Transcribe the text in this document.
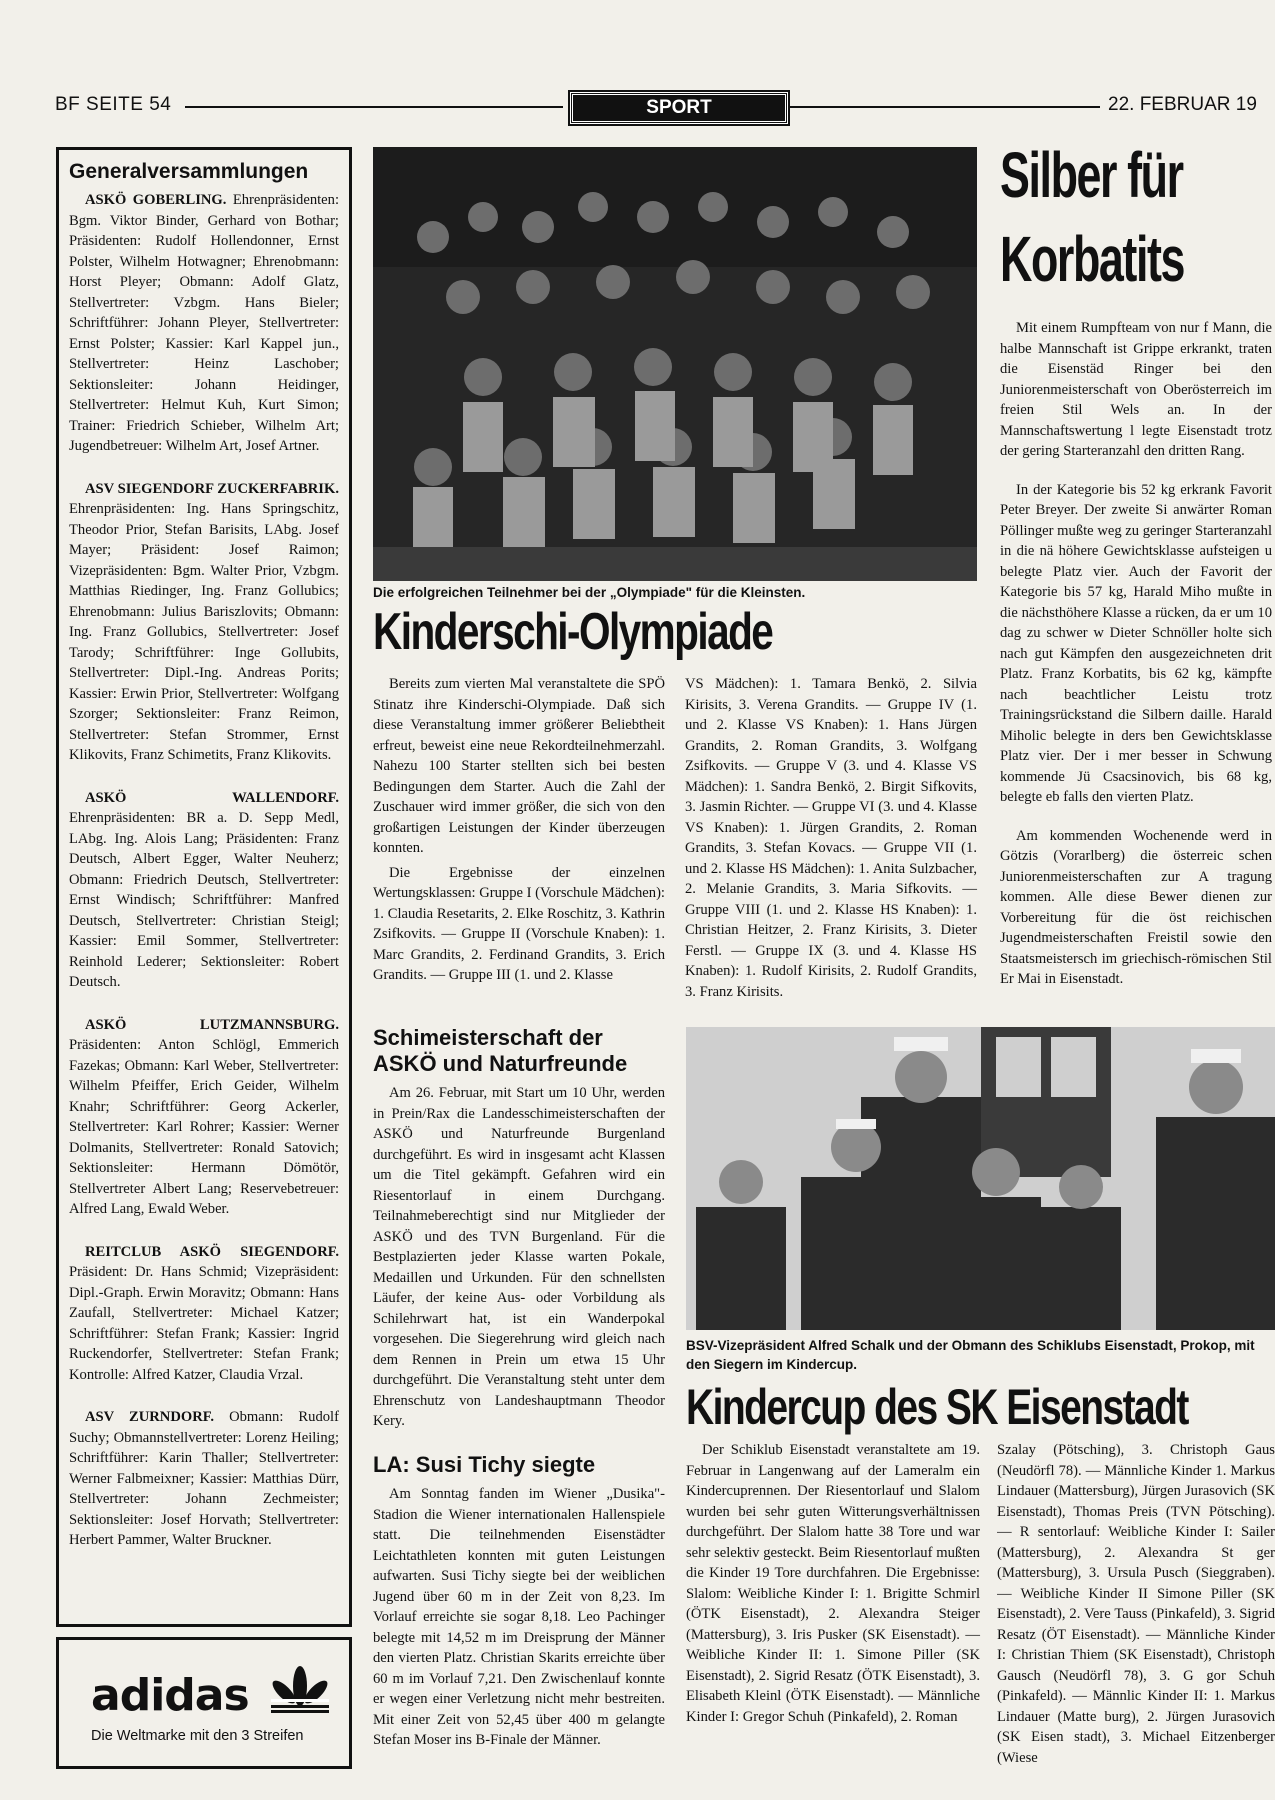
BF SEITE 54	SPORT	22. FEBRUAR 19
Generalversammlungen

ASKÖ GOBERLING. Ehrenpräsidenten: Bgm. Viktor Binder, Gerhard von Bothar; Präsidenten: Rudolf Hollendonner, Ernst Polster, Wilhelm Hotwagner; Ehrenobmann: Horst Pleyer; Obmann: Adolf Glatz, Stellvertreter: Vzbgm. Hans Bieler; Schriftführer: Johann Pleyer, Stellvertreter: Ernst Polster; Kassier: Karl Kappel jun., Stellvertreter: Heinz Laschober; Sektionsleiter: Johann Heidinger, Stellvertreter: Helmut Kuh, Kurt Simon; Trainer: Friedrich Schieber, Wilhelm Art; Jugendbetreuer: Wilhelm Art, Josef Artner.

ASV SIEGENDORF ZUCKERFABRIK. Ehrenpräsidenten: Ing. Hans Springschitz, Theodor Prior, Stefan Barisits, LAbg. Josef Mayer; Präsident: Josef Raimon; Vizepräsidenten: Bgm. Walter Prior, Vzbgm. Matthias Riedinger, Ing. Franz Gollubics; Ehrenobmann: Julius Bariszlovits; Obmann: Ing. Franz Gollubics, Stellvertreter: Josef Tarody; Schriftführer: Inge Gollubits, Stellvertreter: Dipl.-Ing. Andreas Porits; Kassier: Erwin Prior, Stellvertreter: Wolfgang Szorger; Sektionsleiter: Franz Reimon, Stellvertreter: Stefan Strommer, Ernst Klikovits, Franz Schimetits, Franz Klikovits.

ASKÖ WALLENDORF. Ehrenpräsidenten: BR a. D. Sepp Medl, LAbg. Ing. Alois Lang; Präsidenten: Franz Deutsch, Albert Egger, Walter Neuherz; Obmann: Friedrich Deutsch, Stellvertreter: Ernst Windisch; Schriftführer: Manfred Deutsch, Stellvertreter: Christian Steigl; Kassier: Emil Sommer, Stellvertreter: Reinhold Lederer; Sektionsleiter: Robert Deutsch.

ASKÖ LUTZMANNSBURG. Präsidenten: Anton Schlögl, Emmerich Fazekas; Obmann: Karl Weber, Stellvertreter: Wilhelm Pfeiffer, Erich Geider, Wilhelm Knahr; Schriftführer: Georg Ackerler, Stellvertreter: Karl Rohrer; Kassier: Werner Dolmanits, Stellvertreter: Ronald Satovich; Sektionsleiter: Hermann Dömötör, Stellvertreter Albert Lang; Reservebetreuer: Alfred Lang, Ewald Weber.

REITCLUB ASKÖ SIEGENDORF. Präsident: Dr. Hans Schmid; Vizepräsident: Dipl.-Graph. Erwin Moravitz; Obmann: Hans Zaufall, Stellvertreter: Michael Katzer; Schriftführer: Stefan Frank; Kassier: Ingrid Ruckendorfer, Stellvertreter: Stefan Frank; Kontrolle: Alfred Katzer, Claudia Vrzal.

ASV ZURNDORF. Obmann: Rudolf Suchy; Obmannstellvertreter: Lorenz Heiling; Schriftführer: Karin Thaller; Stellvertreter: Werner Falbmeixner; Kassier: Matthias Dürr, Stellvertreter: Johann Zechmeister; Sektionsleiter: Josef Horvath; Stellvertreter: Herbert Pammer, Walter Bruckner.

adidas
Die Weltmarke mit den 3 Streifen
Die erfolgreichen Teilnehmer bei der „Olympiade" für die Kleinsten.
Kinderschi-Olympiade

Bereits zum vierten Mal veranstaltete die SPÖ Stinatz ihre Kinderschi-Olympiade. Daß sich diese Veranstaltung immer größerer Beliebtheit erfreut, beweist eine neue Rekordteilnehmerzahl. Nahezu 100 Starter stellten sich bei besten Bedingungen dem Starter. Auch die Zahl der Zuschauer wird immer größer, die sich von den großartigen Leistungen der Kinder überzeugen konnten.

Die Ergebnisse der einzelnen Wertungsklassen: Gruppe I (Vorschule Mädchen): 1. Claudia Resetarits, 2. Elke Roschitz, 3. Kathrin Zsifkovits. — Gruppe II (Vorschule Knaben): 1. Marc Grandits, 2. Ferdinand Grandits, 3. Erich Grandits. — Gruppe III (1. und 2. Klasse

VS Mädchen): 1. Tamara Benkö, 2. Silvia Kirisits, 3. Verena Grandits. — Gruppe IV (1. und 2. Klasse VS Knaben): 1. Hans Jürgen Grandits, 2. Roman Grandits, 3. Wolfgang Zsifkovits. — Gruppe V (3. und 4. Klasse VS Mädchen): 1. Sandra Benkö, 2. Birgit Sifkovits, 3. Jasmin Richter. — Gruppe VI (3. und 4. Klasse VS Knaben): 1. Jürgen Grandits, 2. Roman Grandits, 3. Stefan Kovacs. — Gruppe VII (1. und 2. Klasse HS Mädchen): 1. Anita Sulzbacher, 2. Melanie Grandits, 3. Maria Sifkovits. — Gruppe VIII (1. und 2. Klasse HS Knaben): 1. Christian Heitzer, 2. Franz Kirisits, 3. Dieter Ferstl. — Gruppe IX (3. und 4. Klasse HS Knaben): 1. Rudolf Kirisits, 2. Rudolf Grandits, 3. Franz Kirisits.

Silber für
Korbatits

Mit einem Rumpfteam von nur f Mann, die halbe Mannschaft ist Grippe erkrankt, traten die Eisenstäd Ringer bei den Juniorenmeisterschaft von Oberösterreich im freien Stil Wels an. In der Mannschaftswertung l legte Eisenstadt trotz der gering Starteranzahl den dritten Rang.

In der Kategorie bis 52 kg erkrank Favorit Peter Breyer. Der zweite Si anwärter Roman Pöllinger mußte weg zu geringer Starteranzahl in die nä höhere Gewichtsklasse aufsteigen u belegte Platz vier. Auch der Favorit der Kategorie bis 57 kg, Harald Miho mußte in die nächsthöhere Klasse a rücken, da er um 10 dag zu schwer w Dieter Schnöller holte sich nach gut Kämpfen den ausgezeichneten drit Platz. Franz Korbatits, bis 62 kg, kämpfte nach beachtlicher Leistu trotz Trainingsrückstand die Silbern daille. Harald Miholic belegte in ders ben Gewichtsklasse Platz vier. Der i mer besser in Schwung kommende Jü Csacsinovich, bis 68 kg, belegte eb falls den vierten Platz.

Am kommenden Wochenende werd in Götzis (Vorarlberg) die österreic schen Juniorenmeisterschaften zur A tragung kommen. Alle diese Bewer dienen zur Vorbereitung für die öst reichischen Jugendmeisterschaften Freistil sowie den Staatsmeistersch im griechisch-römischen Stil Er Mai in Eisenstadt.

Schimeisterschaft der ASKÖ und Naturfreunde

Am 26. Februar, mit Start um 10 Uhr, werden in Prein/Rax die Landesschimeisterschaften der ASKÖ und Naturfreunde Burgenland durchgeführt. Es wird in insgesamt acht Klassen um die Titel gekämpft. Gefahren wird ein Riesentorlauf in einem Durchgang. Teilnahmeberechtigt sind nur Mitglieder der ASKÖ und des TVN Burgenland. Für die Bestplazierten jeder Klasse warten Pokale, Medaillen und Urkunden. Für den schnellsten Läufer, der keine Aus- oder Vorbildung als Schilehrwart hat, ist ein Wanderpokal vorgesehen. Die Siegerehrung wird gleich nach dem Rennen in Prein um etwa 15 Uhr durchgeführt. Die Veranstaltung steht unter dem Ehrenschutz von Landeshauptmann Theodor Kery.

LA: Susi Tichy siegte

Am Sonntag fanden im Wiener „Dusika"-Stadion die Wiener internationalen Hallenspiele statt. Die teilnehmenden Eisenstädter Leichtathleten konnten mit guten Leistungen aufwarten. Susi Tichy siegte bei der weiblichen Jugend über 60 m in der Zeit von 8,23. Im Vorlauf erreichte sie sogar 8,18. Leo Pachinger belegte mit 14,52 m im Dreisprung der Männer den vierten Platz. Christian Skarits erreichte über 60 m im Vorlauf 7,21. Den Zwischenlauf konnte er wegen einer Verletzung nicht mehr bestreiten. Mit einer Zeit von 52,45 über 400 m gelangte Stefan Moser ins B-Finale der Männer.

BSV-Vizepräsident Alfred Schalk und der Obmann des Schiklubs Eisenstadt, Prokop, mit den Siegern im Kindercup.
Kindercup des SK Eisenstadt

Der Schiklub Eisenstadt veranstaltete am 19. Februar in Langenwang auf der Lameralm ein Kindercuprennen. Der Riesentorlauf und Slalom wurden bei sehr guten Witterungsverhältnissen durchgeführt. Der Slalom hatte 38 Tore und war sehr selektiv gesteckt. Beim Riesentorlauf mußten die Kinder 19 Tore durchfahren. Die Ergebnisse: Slalom: Weibliche Kinder I: 1. Brigitte Schmirl (ÖTK Eisenstadt), 2. Alexandra Steiger (Mattersburg), 3. Iris Pusker (SK Eisenstadt). — Weibliche Kinder II: 1. Simone Piller (SK Eisenstadt), 2. Sigrid Resatz (ÖTK Eisenstadt), 3. Elisabeth Kleinl (ÖTK Eisenstadt). — Männliche Kinder I: Gregor Schuh (Pinkafeld), 2. Roman

Szalay (Pötsching), 3. Christoph Gaus (Neudörfl 78). — Männliche Kinder 1. Markus Lindauer (Mattersburg), Jürgen Jurasovich (SK Eisenstadt), Thomas Preis (TVN Pötsching). — R sentorlauf: Weibliche Kinder I: Sailer (Mattersburg), 2. Alexandra St ger (Mattersburg), 3. Ursula Pusch (Sieggraben). — Weibliche Kinder II Simone Piller (SK Eisenstadt), 2. Vere Tauss (Pinkafeld), 3. Sigrid Resatz (ÖT Eisenstadt). — Männliche Kinder I: Christian Thiem (SK Eisenstadt), Christoph Gausch (Neudörfl 78), 3. G gor Schuh (Pinkafeld). — Männlic Kinder II: 1. Markus Lindauer (Matte burg), 2. Jürgen Jurasovich (SK Eisen stadt), 3. Michael Eitzenberger (Wiese
